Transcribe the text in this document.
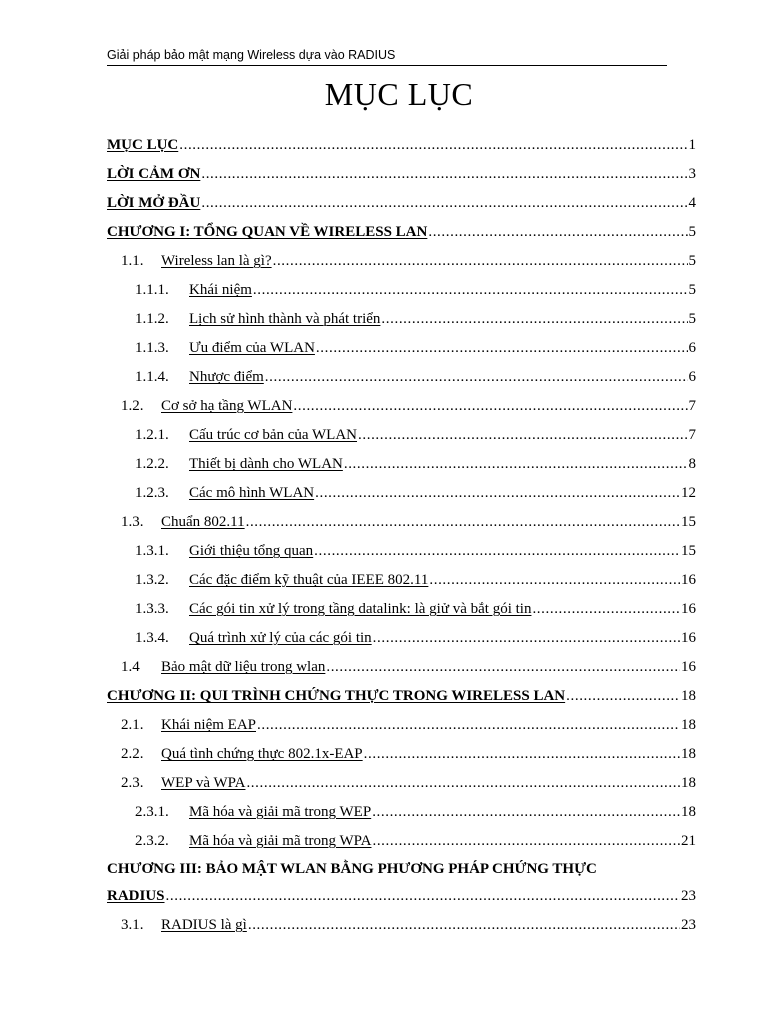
Giải pháp bảo mật mạng Wireless dựa vào RADIUS
MỤC LỤC
MỤC LỤC .....	1
LỜI CẢM ƠN .....	3
LỜI MỞ ĐẦU .....	4
CHƯƠNG I: TỔNG QUAN VỀ WIRELESS LAN .....	5
1.1.	Wireless lan là gì? .....	5
1.1.1.	Khái niệm .....	5
1.1.2.	Lịch sử hình thành và phát triển .....	5
1.1.3.	Ưu điểm của WLAN .....	6
1.1.4.	Nhược điểm .....	6
1.2.	Cơ sở hạ tầng WLAN .....	7
1.2.1.	Cấu trúc cơ bản của WLAN .....	7
1.2.2.	Thiết bị dành cho WLAN .....	8
1.2.3.	Các mô hình WLAN .....	12
1.3.	Chuẩn 802.11 .....	15
1.3.1.	Giới thiệu tổng quan .....	15
1.3.2.	Các đặc điểm kỹ thuật của IEEE 802.11 .....	16
1.3.3.	Các gói tin xử lý trong tầng datalink: là giử và bắt gói tin .....	16
1.3.4.	Quá trình xử lý của các gói tin .....	16
1.4	Bảo mật dữ liệu trong wlan .....	16
CHƯƠNG II: QUI TRÌNH CHỨNG THỰC TRONG WIRELESS LAN .....	18
2.1.	Khái niệm EAP .....	18
2.2.	Quá tình chứng thực 802.1x-EAP .....	18
2.3.	WEP và WPA .....	18
2.3.1.	Mã hóa và giải mã trong WEP .....	18
2.3.2.	Mã hóa và giải mã trong WPA .....	21
CHƯƠNG III: BẢO MẬT WLAN BẰNG PHƯƠNG PHÁP CHỨNG THỰC
RADIUS .....	23
3.1.	RADIUS là gì .....	23
